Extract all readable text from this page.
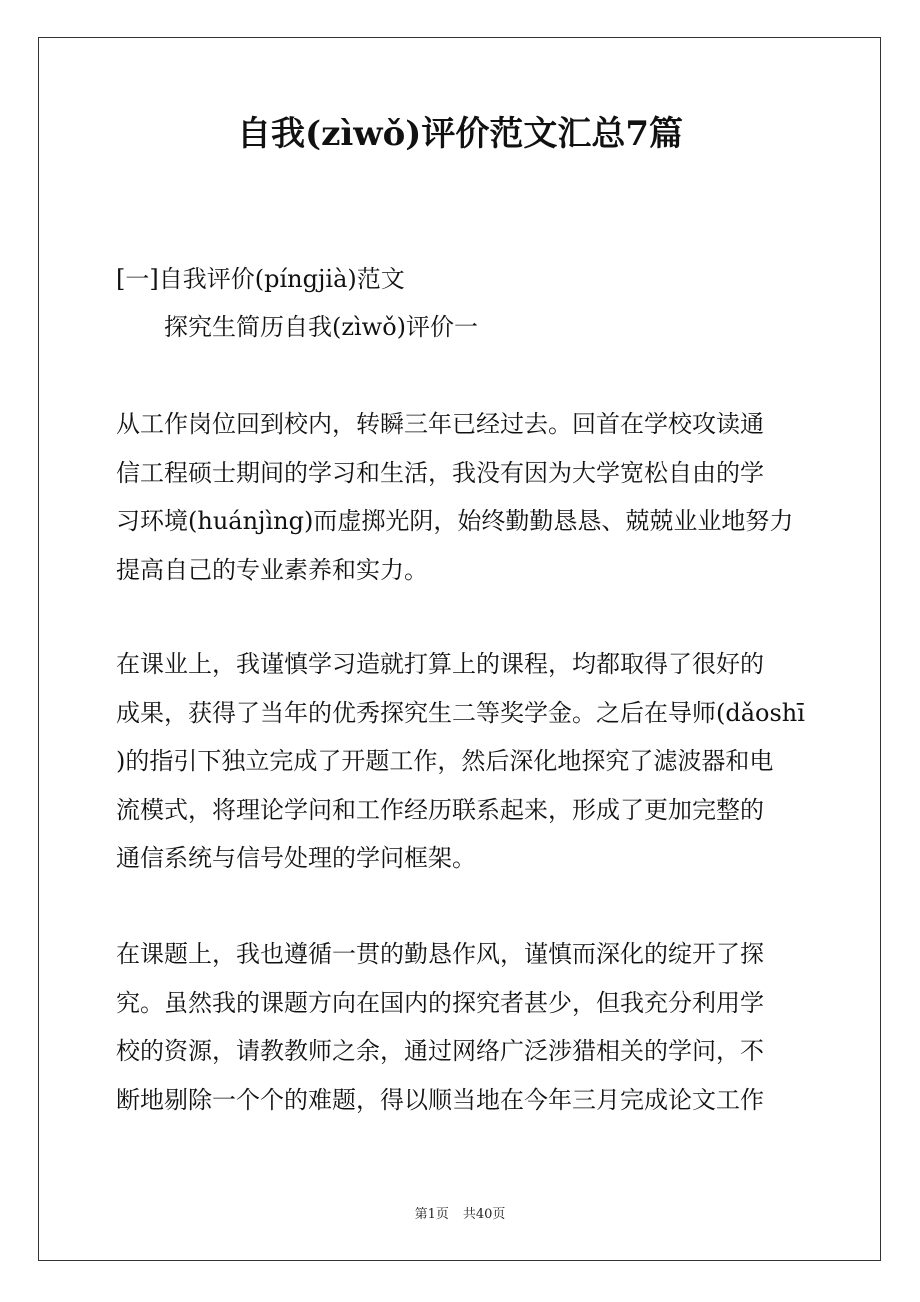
自我(zìwǒ)评价范文汇总7篇
[一]自我评价(píngjià)范文
探究生简历自我(zìwǒ)评价一
从工作岗位回到校内，转瞬三年已经过去。回首在学校攻读通
信工程硕士期间的学习和生活，我没有因为大学宽松自由的学
习环境(huánjìng)而虚掷光阴，始终勤勤恳恳、兢兢业业地努力
提高自己的专业素养和实力。
在课业上，我谨慎学习造就打算上的课程，均都取得了很好的
成果，获得了当年的优秀探究生二等奖学金。之后在导师(dǎoshī
)的指引下独立完成了开题工作，然后深化地探究了滤波器和电
流模式，将理论学问和工作经历联系起来，形成了更加完整的
通信系统与信号处理的学问框架。
在课题上，我也遵循一贯的勤恳作风，谨慎而深化的绽开了探
究。虽然我的课题方向在国内的探究者甚少，但我充分利用学
校的资源，请教教师之余，通过网络广泛涉猎相关的学问，不
断地剔除一个个的难题，得以顺当地在今年三月完成论文工作
第1页 共40页
